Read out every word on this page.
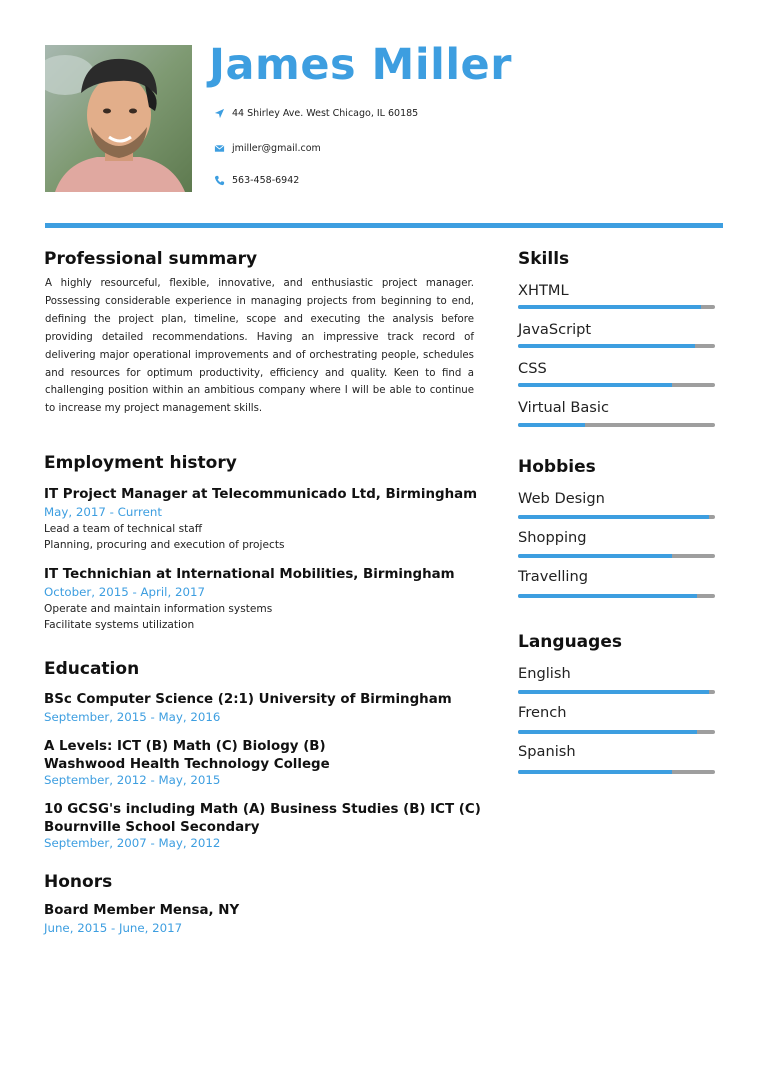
James Miller
44 Shirley Ave. West Chicago, IL 60185
jmiller@gmail.com
563-458-6942
Professional summary

A highly resourceful, flexible, innovative, and enthusiastic project manager. Possessing considerable experience in managing projects from beginning to end, defining the project plan, timeline, scope and executing the analysis before providing detailed recommendations. Having an impressive track record of delivering major operational improvements and of orchestrating people, schedules and resources for optimum productivity, efficiency and quality. Keen to find a challenging position within an ambitious company where I will be able to continue to increase my project management skills.

Employment history
IT Project Manager at Telecommunicado Ltd, Birmingham
May, 2017 - Current
Lead a team of technical staff
Planning, procuring and execution of projects
IT Technichian at International Mobilities, Birmingham
October, 2015 - April, 2017
Operate and maintain information systems
Facilitate systems utilization
Education
BSc Computer Science (2:1) University of Birmingham
September, 2015 - May, 2016
A Levels: ICT (B) Math (C) Biology (B)
Washwood Health Technology College
September, 2012 - May, 2015
10 GCSG's including Math (A) Business Studies (B) ICT (C)
Bournville School Secondary
September, 2007 - May, 2012
Honors
Board Member Mensa, NY
June, 2015 - June, 2017
Skills
XHTML
JavaScript
CSS
Virtual Basic
Hobbies
Web Design
Shopping
Travelling
Languages
English
French
Spanish
